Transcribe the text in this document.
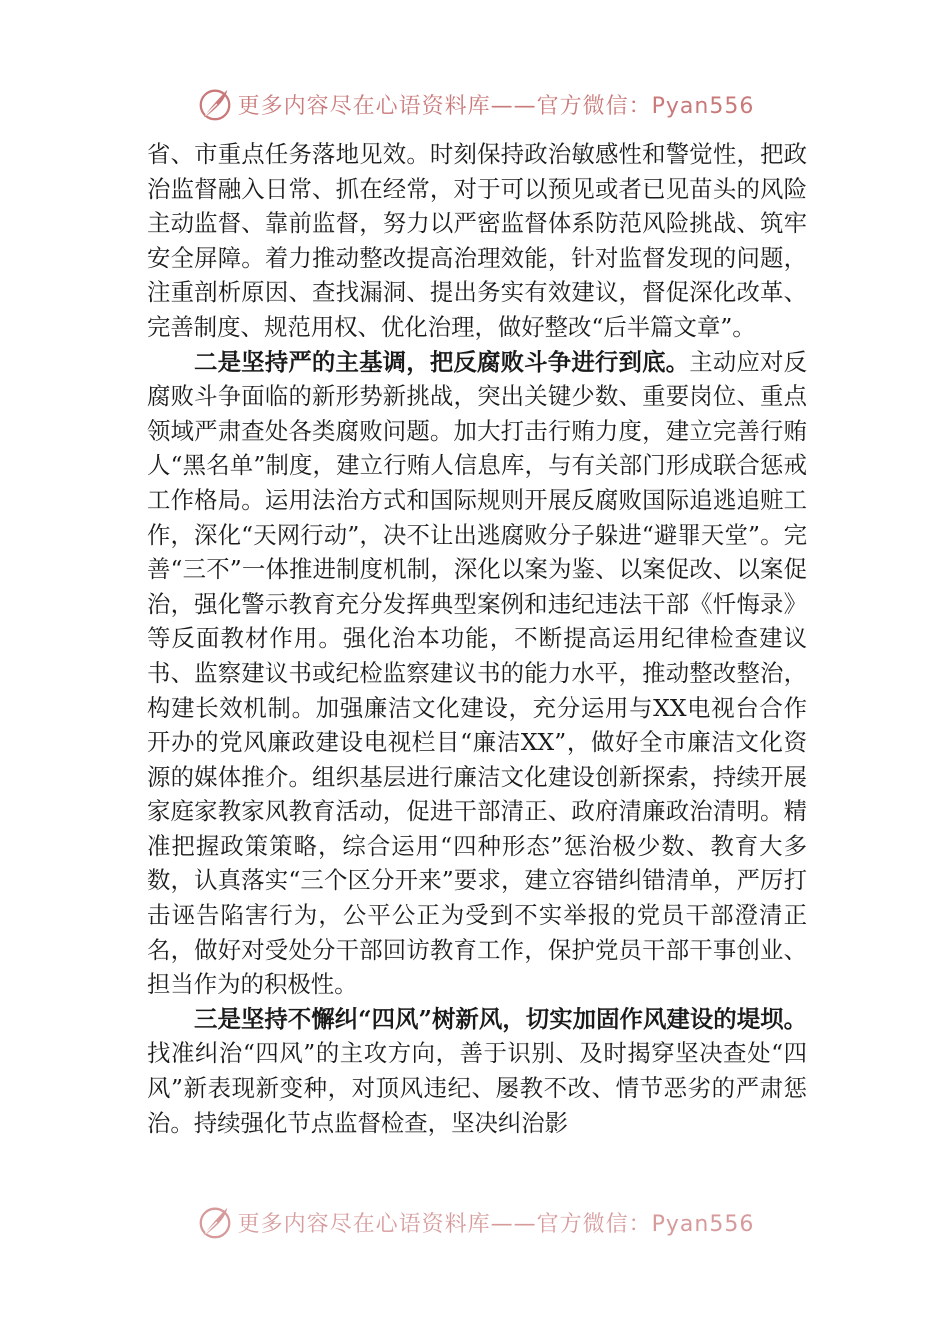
更多内容尽在心语资料库——官方微信：Pyan556

省、市重点任务落地见效。时刻保持政治敏感性和警觉性，把政治监督融入日常、抓在经常，对于可以预见或者已见苗头的风险主动监督、靠前监督，努力以严密监督体系防范风险挑战、筑牢安全屏障。着力推动整改提高治理效能，针对监督发现的问题，注重剖析原因、查找漏洞、提出务实有效建议，督促深化改革、完善制度、规范用权、优化治理，做好整改“后半篇文章”。

二是坚持严的主基调，把反腐败斗争进行到底。主动应对反腐败斗争面临的新形势新挑战，突出关键少数、重要岗位、重点领域严肃查处各类腐败问题。加大打击行贿力度，建立完善行贿人“黑名单”制度，建立行贿人信息库，与有关部门形成联合惩戒工作格局。运用法治方式和国际规则开展反腐败国际追逃追赃工作，深化“天网行动”，决不让出逃腐败分子躲进“避罪天堂”。完善“三不”一体推进制度机制，深化以案为鉴、以案促改、以案促治，强化警示教育充分发挥典型案例和违纪违法干部《忏悔录》等反面教材作用。强化治本功能，不断提高运用纪律检查建议书、监察建议书或纪检监察建议书的能力水平，推动整改整治，构建长效机制。加强廉洁文化建设，充分运用与XX电视台合作开办的党风廉政建设电视栏目“廉洁XX”，做好全市廉洁文化资源的媒体推介。组织基层进行廉洁文化建设创新探索，持续开展家庭家教家风教育活动，促进干部清正、政府清廉政治清明。精准把握政策策略，综合运用“四种形态”惩治极少数、教育大多数，认真落实“三个区分开来”要求，建立容错纠错清单，严厉打击诬告陷害行为，公平公正为受到不实举报的党员干部澄清正名，做好对受处分干部回访教育工作，保护党员干部干事创业、担当作为的积极性。

三是坚持不懈纠“四风”树新风，切实加固作风建设的堤坝。找准纠治“四风”的主攻方向，善于识别、及时揭穿坚决查处“四风”新表现新变种，对顶风违纪、屡教不改、情节恶劣的严肃惩治。持续强化节点监督检查，坚决纠治影

更多内容尽在心语资料库——官方微信：Pyan556
